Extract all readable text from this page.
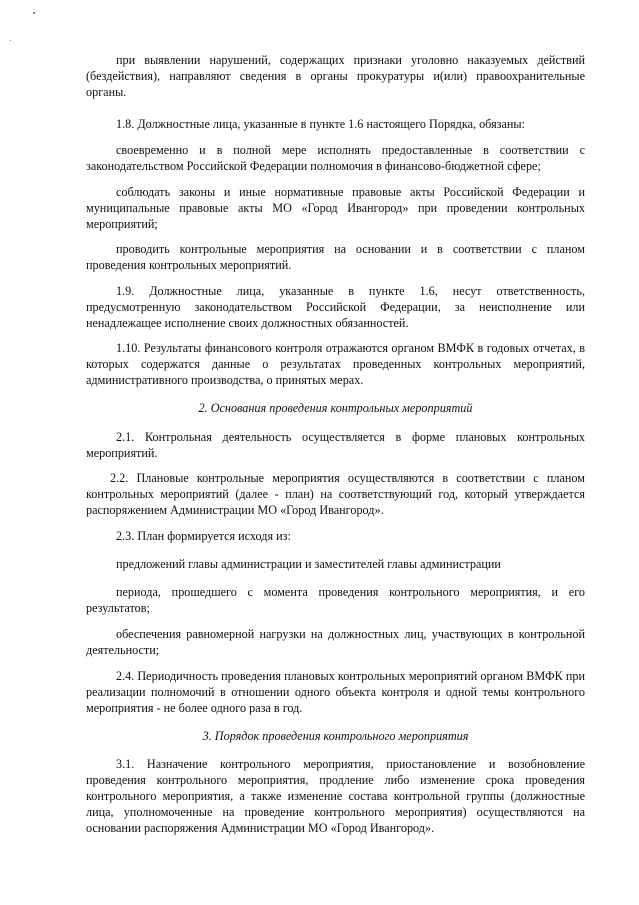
при выявлении нарушений, содержащих признаки уголовно наказуемых действий (бездействия), направляют сведения в органы прокуратуры и(или) правоохранительные органы.

1.8. Должностные лица, указанные в пункте 1.6 настоящего Порядка, обязаны:

своевременно и в полной мере исполнять предоставленные в соответствии с законодательством Российской Федерации полномочия в финансово-бюджетной сфере;

соблюдать законы и иные нормативные правовые акты Российской Федерации и муниципальные правовые акты МО «Город Ивангород» при проведении контрольных мероприятий;

проводить контрольные мероприятия на основании и в соответствии с планом проведения контрольных мероприятий.

1.9. Должностные лица, указанные в пункте 1.6, несут ответственность, предусмотренную законодательством Российской Федерации, за неисполнение или ненадлежащее исполнение своих должностных обязанностей.

1.10. Результаты финансового контроля отражаются органом ВМФК в годовых отчетах, в которых содержатся данные о результатах проведенных контрольных мероприятий, административного производства, о принятых мерах.

2. Основания проведения контрольных мероприятий

2.1. Контрольная деятельность осуществляется в форме плановых контрольных мероприятий.

2.2. Плановые контрольные мероприятия осуществляются в соответствии с планом контрольных мероприятий (далее - план) на соответствующий год, который утверждается распоряжением Администрации МО «Город Ивангород».

2.3. План формируется исходя из:

предложений главы администрации и заместителей главы администрации

периода, прошедшего с момента проведения контрольного мероприятия, и его результатов;

обеспечения равномерной нагрузки на должностных лиц, участвующих в контрольной деятельности;

2.4. Периодичность проведения плановых контрольных мероприятий органом ВМФК при реализации полномочий в отношении одного объекта контроля и одной темы контрольного мероприятия - не более одного раза в год.

3. Порядок проведения контрольного мероприятия

3.1. Назначение контрольного мероприятия, приостановление и возобновление проведения контрольного мероприятия, продление либо изменение срока проведения контрольного мероприятия, а также изменение состава контрольной группы (должностные лица, уполномоченные на проведение контрольного мероприятия) осуществляются на основании распоряжения Администрации МО «Город Ивангород».
